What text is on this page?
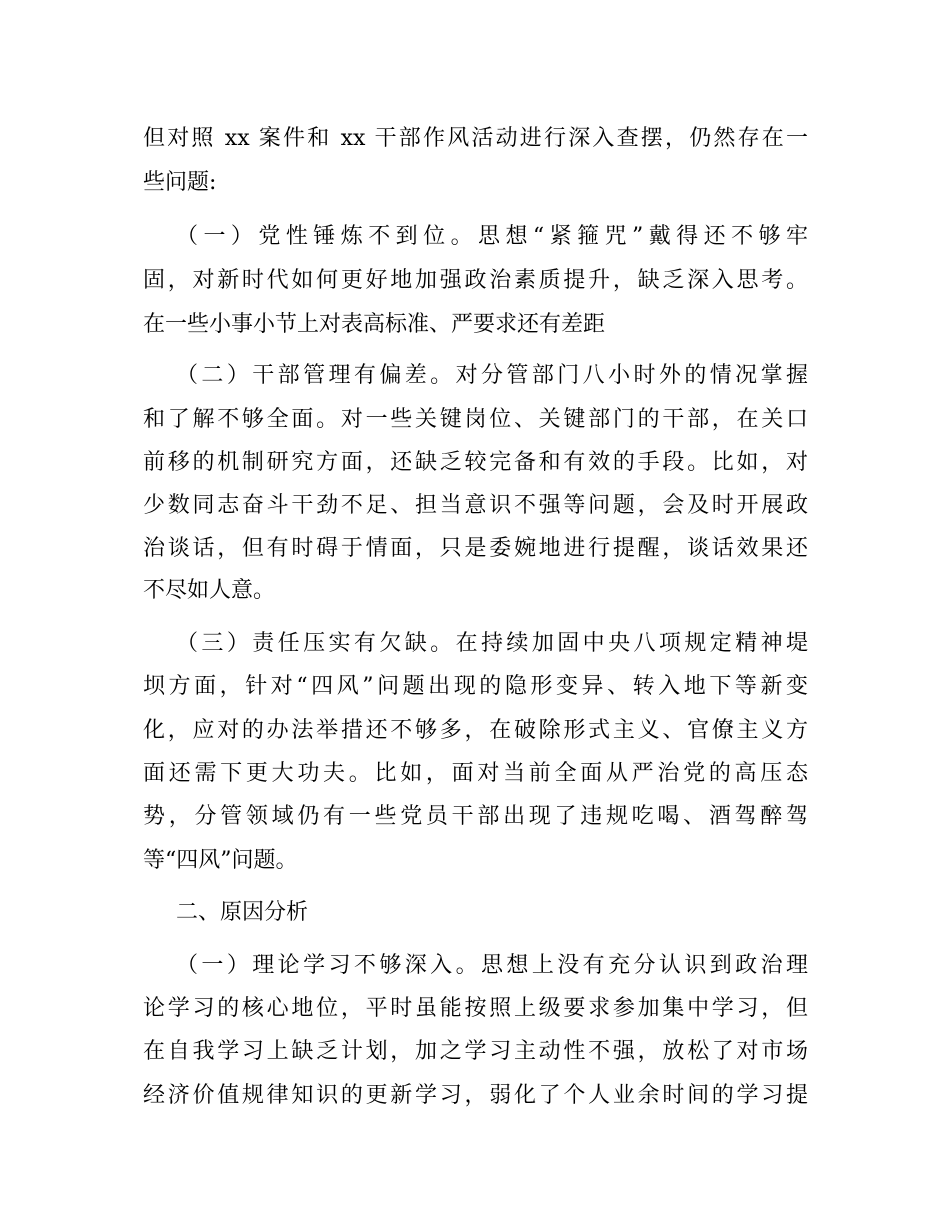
但对照 xx 案件和 xx 干部作风活动进行深入查摆，仍然存在一
些问题:
（一）党性锤炼不到位。思想“紧箍咒”戴得还不够牢
固，对新时代如何更好地加强政治素质提升，缺乏深入思考。
在一些小事小节上对表高标准、严要求还有差距
（二）干部管理有偏差。对分管部门八小时外的情况掌握
和了解不够全面。对一些关键岗位、关键部门的干部，在关口
前移的机制研究方面，还缺乏较完备和有效的手段。比如，对
少数同志奋斗干劲不足、担当意识不强等问题，会及时开展政
治谈话，但有时碍于情面，只是委婉地进行提醒，谈话效果还
不尽如人意。
（三）责任压实有欠缺。在持续加固中央八项规定精神堤
坝方面，针对“四风”问题出现的隐形变异、转入地下等新变
化，应对的办法举措还不够多，在破除形式主义、官僚主义方
面还需下更大功夫。比如，面对当前全面从严治党的高压态
势，分管领域仍有一些党员干部出现了违规吃喝、酒驾醉驾
等“四风”问题。
二、原因分析
（一）理论学习不够深入。思想上没有充分认识到政治理
论学习的核心地位，平时虽能按照上级要求参加集中学习，但
在自我学习上缺乏计划，加之学习主动性不强，放松了对市场
经济价值规律知识的更新学习，弱化了个人业余时间的学习提
